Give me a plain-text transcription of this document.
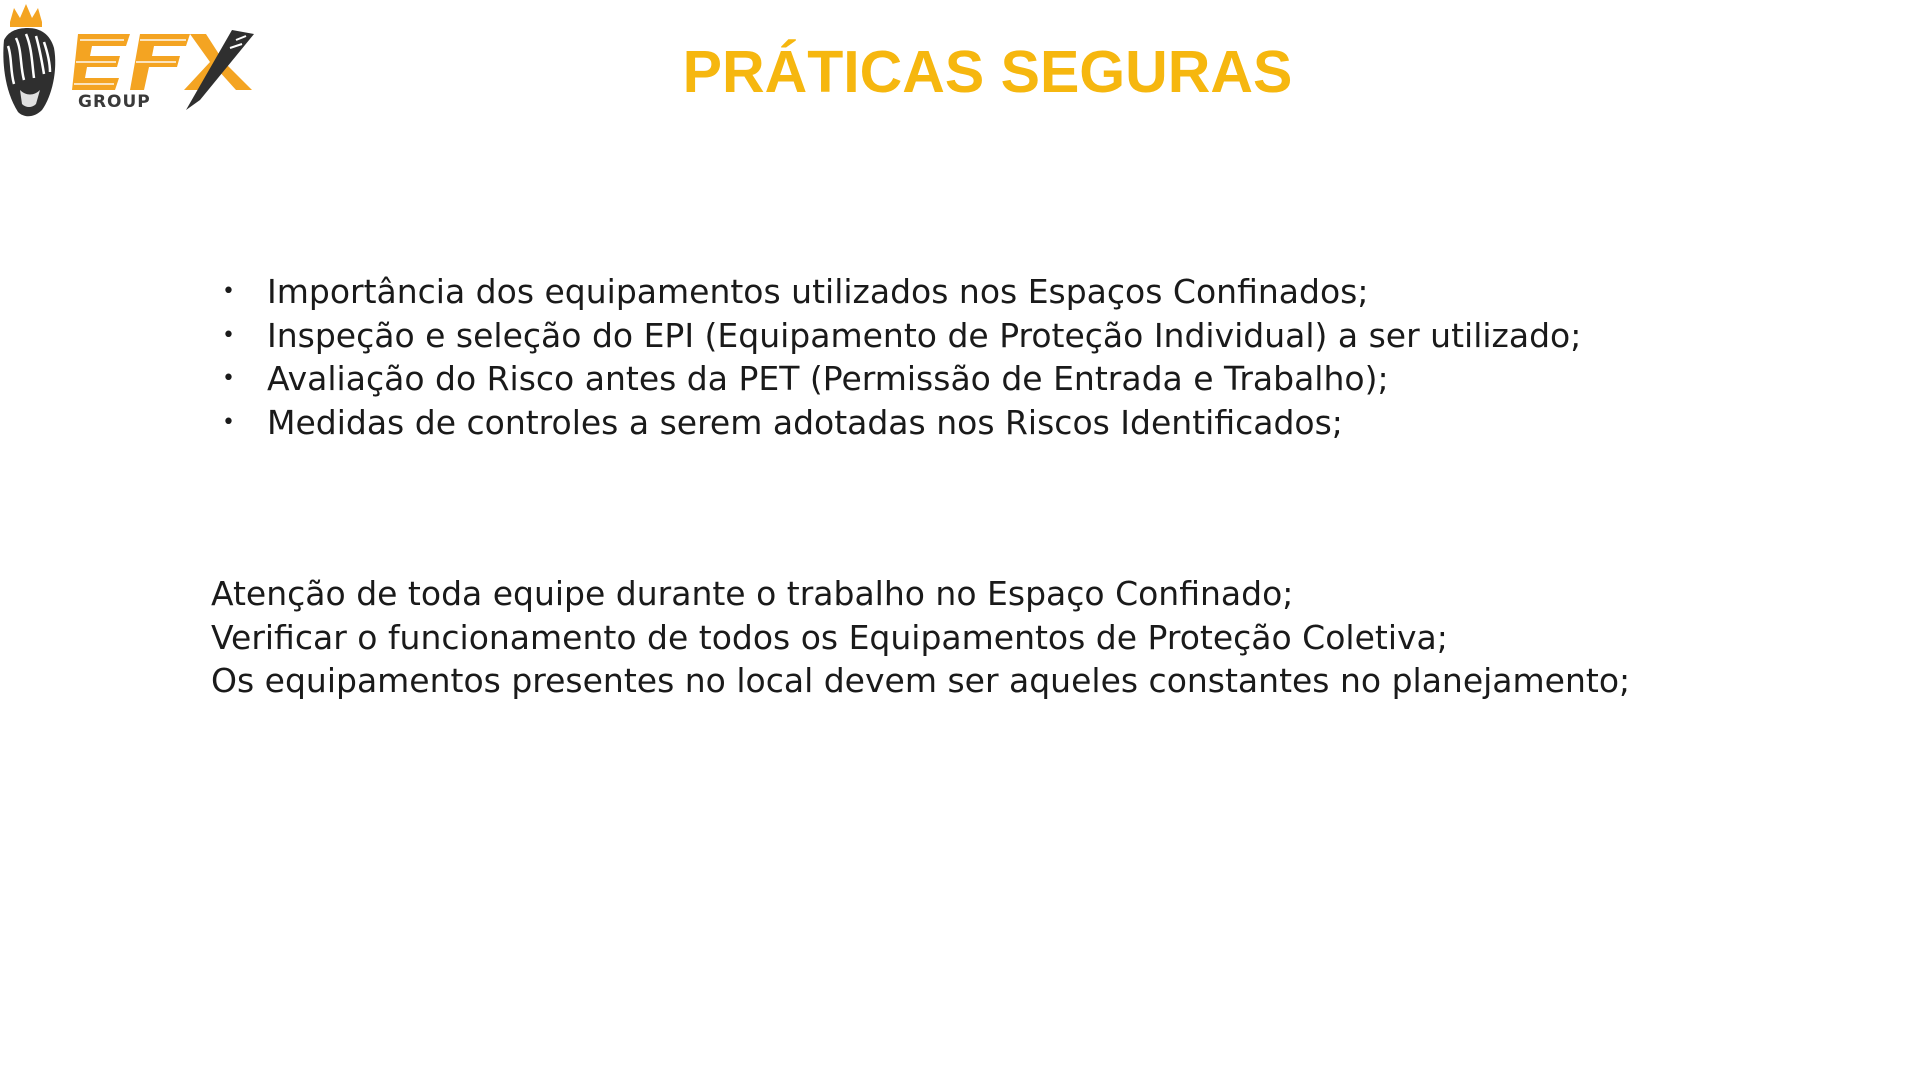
GROUP	PRÁTICAS SEGURAS
• Importância dos equipamentos utilizados nos Espaços Confinados;
• Inspeção e seleção do EPI (Equipamento de Proteção Individual) a ser utilizado;
• Avaliação do Risco antes da PET (Permissão de Entrada e Trabalho);
• Medidas de controles a serem adotadas nos Riscos Identificados;
Atenção de toda equipe durante o trabalho no Espaço Confinado;
Verificar o funcionamento de todos os Equipamentos de Proteção Coletiva;
Os equipamentos presentes no local devem ser aqueles constantes no planejamento;
